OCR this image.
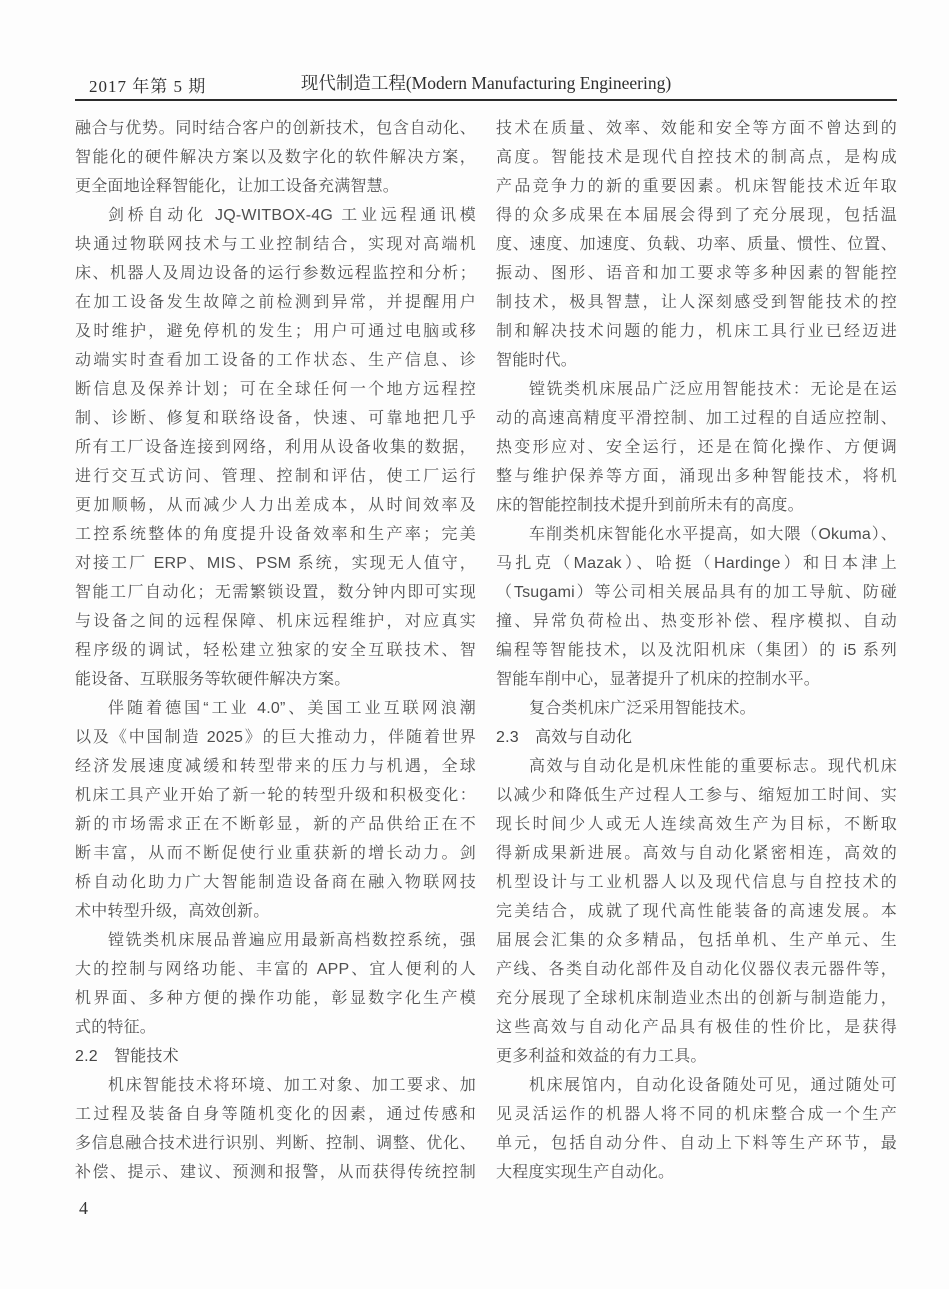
2017 年第 5 期	现代制造工程(Modern Manufacturing Engineering)
融合与优势。同时结合客户的创新技术，包含自动化、
智能化的硬件解决方案以及数字化的软件解决方案，
更全面地诠释智能化，让加工设备充满智慧。
剑桥自动化 JQ-WITBOX-4G 工业远程通讯模
块通过物联网技术与工业控制结合，实现对高端机
床、机器人及周边设备的运行参数远程监控和分析；
在加工设备发生故障之前检测到异常，并提醒用户
及时维护，避免停机的发生；用户可通过电脑或移
动端实时查看加工设备的工作状态、生产信息、诊
断信息及保养计划；可在全球任何一个地方远程控
制、诊断、修复和联络设备，快速、可靠地把几乎
所有工厂设备连接到网络，利用从设备收集的数据，
进行交互式访问、管理、控制和评估，使工厂运行
更加顺畅，从而减少人力出差成本，从时间效率及
工控系统整体的角度提升设备效率和生产率；完美
对接工厂 ERP、MIS、PSM 系统，实现无人值守，
智能工厂自动化；无需繁锁设置，数分钟内即可实现
与设备之间的远程保障、机床远程维护，对应真实
程序级的调试，轻松建立独家的安全互联技术、智
能设备、互联服务等软硬件解决方案。
伴随着德国“工业 4.0”、美国工业互联网浪潮
以及《中国制造 2025》的巨大推动力，伴随着世界
经济发展速度减缓和转型带来的压力与机遇，全球
机床工具产业开始了新一轮的转型升级和积极变化：
新的市场需求正在不断彰显，新的产品供给正在不
断丰富，从而不断促使行业重获新的增长动力。剑
桥自动化助力广大智能制造设备商在融入物联网技
术中转型升级，高效创新。
镗铣类机床展品普遍应用最新高档数控系统，强
大的控制与网络功能、丰富的 APP、宜人便利的人
机界面、多种方便的操作功能，彰显数字化生产模
式的特征。
2.2　智能技术
机床智能技术将环境、加工对象、加工要求、加
工过程及装备自身等随机变化的因素，通过传感和
多信息融合技术进行识别、判断、控制、调整、优化、
补偿、提示、建议、预测和报警，从而获得传统控制
技术在质量、效率、效能和安全等方面不曾达到的
高度。智能技术是现代自控技术的制高点，是构成
产品竞争力的新的重要因素。机床智能技术近年取
得的众多成果在本届展会得到了充分展现，包括温
度、速度、加速度、负载、功率、质量、惯性、位置、
振动、图形、语音和加工要求等多种因素的智能控
制技术，极具智慧，让人深刻感受到智能技术的控
制和解决技术问题的能力，机床工具行业已经迈进
智能时代。
镗铣类机床展品广泛应用智能技术：无论是在运
动的高速高精度平滑控制、加工过程的自适应控制、
热变形应对、安全运行，还是在简化操作、方便调
整与维护保养等方面，涌现出多种智能技术，将机
床的智能控制技术提升到前所未有的高度。
车削类机床智能化水平提高，如大隈（Okuma）、
马扎克（Mazak）、哈挺（Hardinge）和日本津上
（Tsugami）等公司相关展品具有的加工导航、防碰
撞、异常负荷检出、热变形补偿、程序模拟、自动
编程等智能技术，以及沈阳机床（集团）的 i5 系列
智能车削中心，显著提升了机床的控制水平。
复合类机床广泛采用智能技术。
2.3　高效与自动化
高效与自动化是机床性能的重要标志。现代机床
以减少和降低生产过程人工参与、缩短加工时间、实
现长时间少人或无人连续高效生产为目标，不断取
得新成果新进展。高效与自动化紧密相连，高效的
机型设计与工业机器人以及现代信息与自控技术的
完美结合，成就了现代高性能装备的高速发展。本
届展会汇集的众多精品，包括单机、生产单元、生
产线、各类自动化部件及自动化仪器仪表元器件等，
充分展现了全球机床制造业杰出的创新与制造能力，
这些高效与自动化产品具有极佳的性价比，是获得
更多利益和效益的有力工具。
机床展馆内，自动化设备随处可见，通过随处可
见灵活运作的机器人将不同的机床整合成一个生产
单元，包括自动分件、自动上下料等生产环节，最
大程度实现生产自动化。
4
